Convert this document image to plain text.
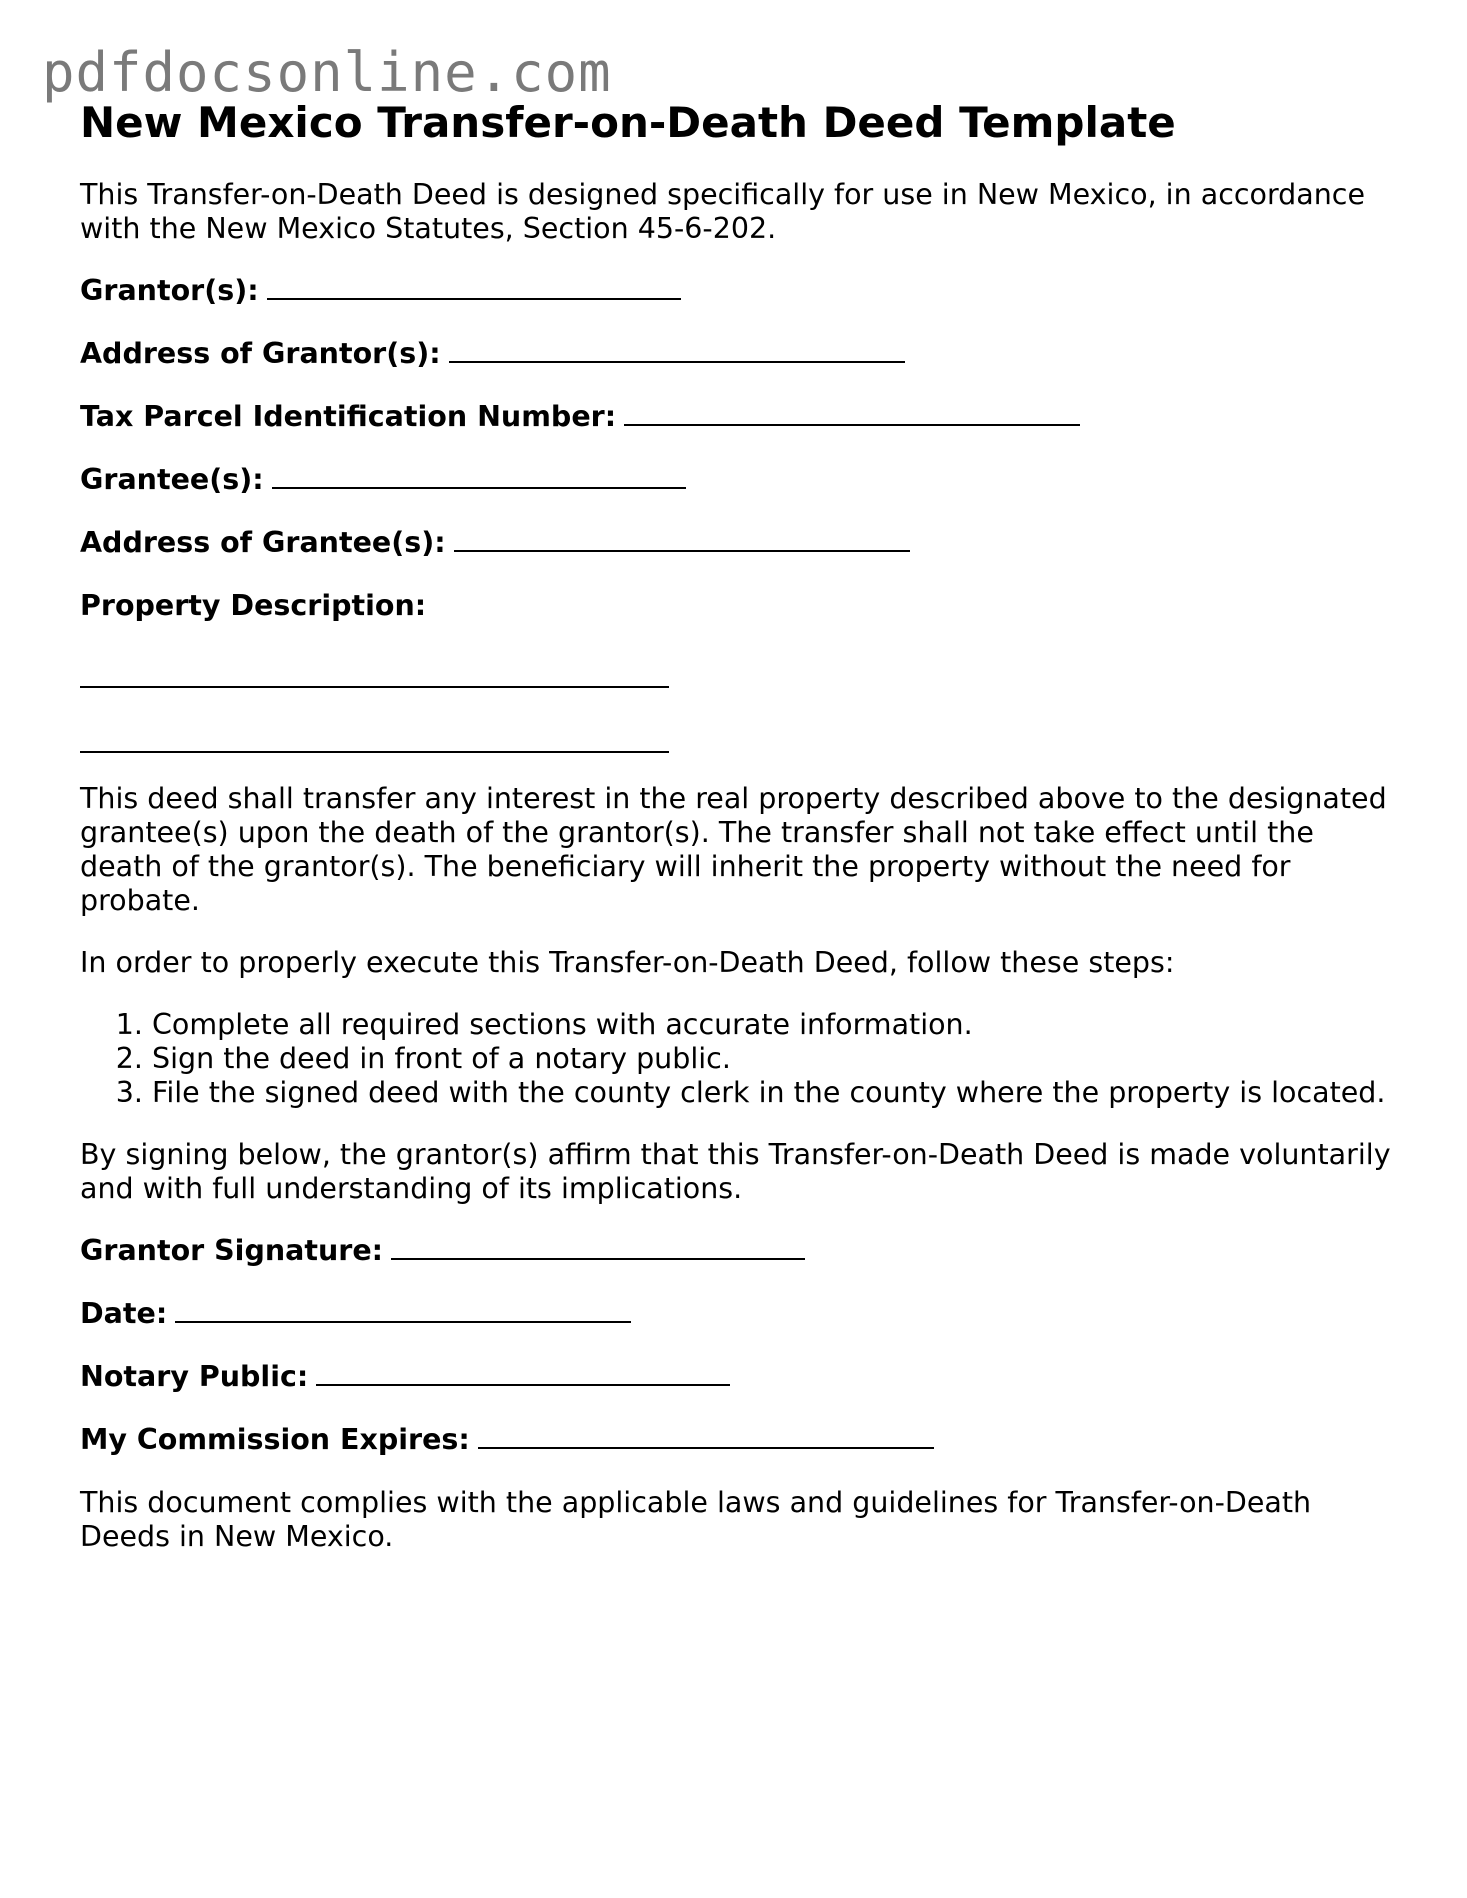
pdfdocsonline.com
New Mexico Transfer-on-Death Deed Template

This Transfer-on-Death Deed is designed specifically for use in New Mexico, in accordance with the New Mexico Statutes, Section 45-6-202.

Grantor(s):
Address of Grantor(s):
Tax Parcel Identification Number:
Grantee(s):
Address of Grantee(s):
Property Description:

This deed shall transfer any interest in the real property described above to the designated grantee(s) upon the death of the grantor(s). The transfer shall not take effect until the death of the grantor(s). The beneficiary will inherit the property without the need for probate.

In order to properly execute this Transfer-on-Death Deed, follow these steps:

1. Complete all required sections with accurate information.
2. Sign the deed in front of a notary public.
3. File the signed deed with the county clerk in the county where the property is located.

By signing below, the grantor(s) affirm that this Transfer-on-Death Deed is made voluntarily and with full understanding of its implications.

Grantor Signature:
Date:
Notary Public:
My Commission Expires:

This document complies with the applicable laws and guidelines for Transfer-on-Death Deeds in New Mexico.
